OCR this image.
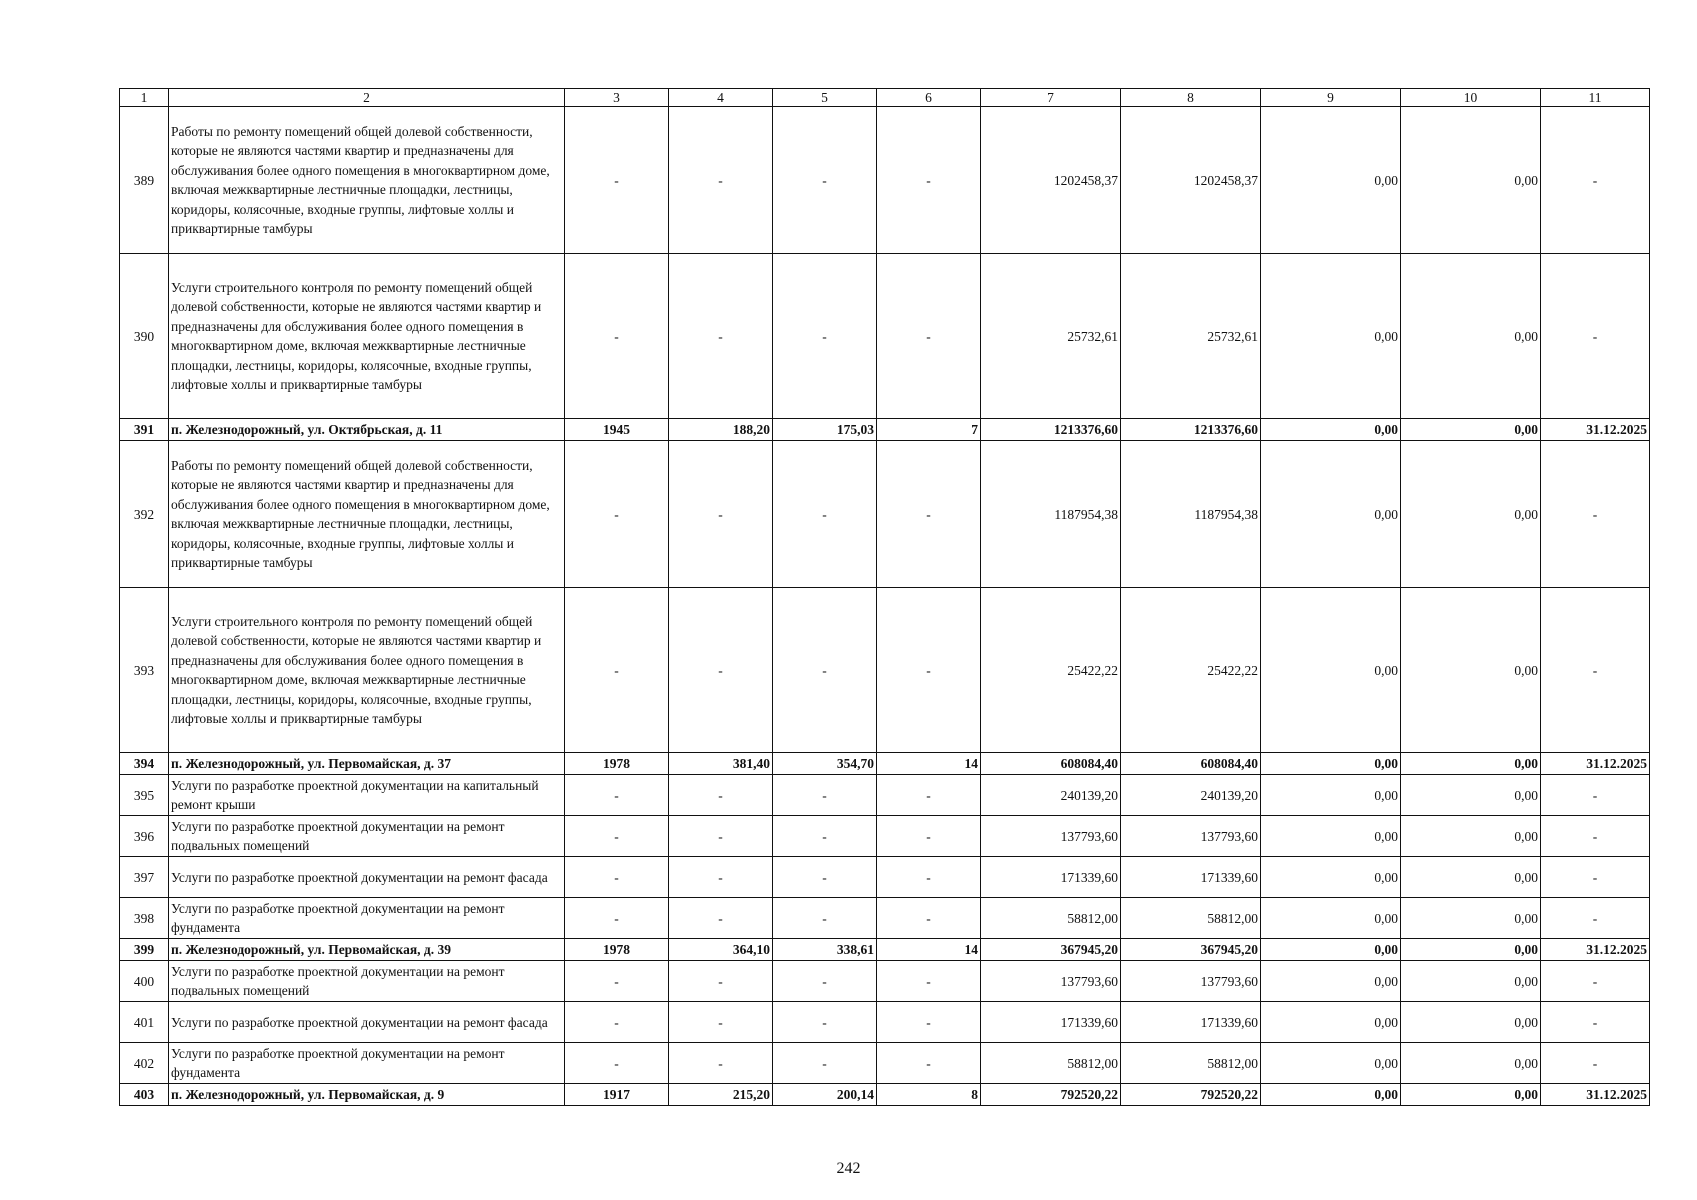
1	2	3	4	5	6	7	8	9	10	11
389	Работы по ремонту помещений общей долевой собственности, которые не являются частями квартир и предназначены для обслуживания более одного помещения в многоквартирном доме, включая межквартирные лестничные площадки, лестницы, коридоры, колясочные, входные группы, лифтовые холлы и приквартирные тамбуры	-	-	-	-	1202458,37	1202458,37	0,00	0,00	-
390	Услуги строительного контроля по ремонту помещений общей долевой собственности, которые не являются частями квартир и предназначены для обслуживания более одного помещения в многоквартирном доме, включая межквартирные лестничные площадки, лестницы, коридоры, колясочные, входные группы, лифтовые холлы и приквартирные тамбуры	-	-	-	-	25732,61	25732,61	0,00	0,00	-
391	п. Железнодорожный, ул. Октябрьская, д. 11	1945	188,20	175,03	7	1213376,60	1213376,60	0,00	0,00	31.12.2025
392	Работы по ремонту помещений общей долевой собственности, которые не являются частями квартир и предназначены для обслуживания более одного помещения в многоквартирном доме, включая межквартирные лестничные площадки, лестницы, коридоры, колясочные, входные группы, лифтовые холлы и приквартирные тамбуры	-	-	-	-	1187954,38	1187954,38	0,00	0,00	-
393	Услуги строительного контроля по ремонту помещений общей долевой собственности, которые не являются частями квартир и предназначены для обслуживания более одного помещения в многоквартирном доме, включая межквартирные лестничные площадки, лестницы, коридоры, колясочные, входные группы, лифтовые холлы и приквартирные тамбуры	-	-	-	-	25422,22	25422,22	0,00	0,00	-
394	п. Железнодорожный, ул. Первомайская, д. 37	1978	381,40	354,70	14	608084,40	608084,40	0,00	0,00	31.12.2025
395	Услуги по разработке проектной документации на капитальный ремонт крыши	-	-	-	-	240139,20	240139,20	0,00	0,00	-
396	Услуги по разработке проектной документации на ремонт подвальных помещений	-	-	-	-	137793,60	137793,60	0,00	0,00	-
397	Услуги по разработке проектной документации на ремонт фасада	-	-	-	-	171339,60	171339,60	0,00	0,00	-
398	Услуги по разработке проектной документации на ремонт фундамента	-	-	-	-	58812,00	58812,00	0,00	0,00	-
399	п. Железнодорожный, ул. Первомайская, д. 39	1978	364,10	338,61	14	367945,20	367945,20	0,00	0,00	31.12.2025
400	Услуги по разработке проектной документации на ремонт подвальных помещений	-	-	-	-	137793,60	137793,60	0,00	0,00	-
401	Услуги по разработке проектной документации на ремонт фасада	-	-	-	-	171339,60	171339,60	0,00	0,00	-
402	Услуги по разработке проектной документации на ремонт фундамента	-	-	-	-	58812,00	58812,00	0,00	0,00	-
403	п. Железнодорожный, ул. Первомайская, д. 9	1917	215,20	200,14	8	792520,22	792520,22	0,00	0,00	31.12.2025
242
